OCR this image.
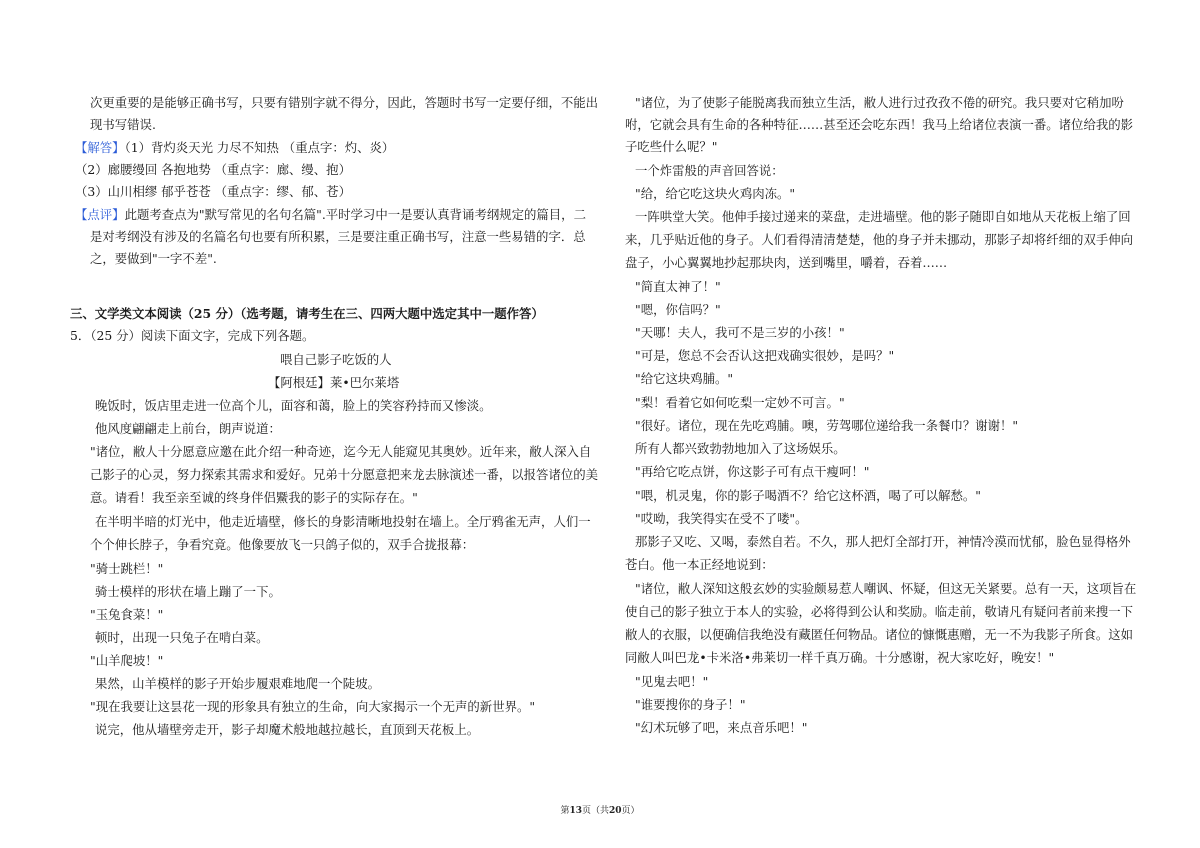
次更重要的是能够正确书写，只要有错别字就不得分，因此，答题时书写一定要仔细，不能出
现书写错误.
【解答】（1）背灼炎天光 力尽不知热 （重点字：灼、炎）
（2）廊腰缦回 各抱地势 （重点字：廊、缦、抱）
（3）山川相缪 郁乎苍苍 （重点字：缪、郁、苍）
【点评】此题考查点为"默写常见的名句名篇".平时学习中一是要认真背诵考纲规定的篇目，二
是对考纲没有涉及的名篇名句也要有所积累，三是要注重正确书写，注意一些易错的字．总
之，要做到"一字不差".
三、文学类文本阅读（25 分）（选考题，请考生在三、四两大题中选定其中一题作答）
5．（25 分）阅读下面文字，完成下列各题。
喂自己影子吃饭的人
【阿根廷】莱•巴尔莱塔
晚饭时，饭店里走进一位高个儿，面容和蔼，脸上的笑容矜持而又惨淡。
他风度翩翩走上前台，朗声说道：
"诸位，敝人十分愿意应邀在此介绍一种奇迹，迄今无人能窥见其奥妙。近年来，敝人深入自
己影子的心灵，努力探索其需求和爱好。兄弟十分愿意把来龙去脉演述一番，以报答诸位的美
意。请看！我至亲至诚的终身伴侣鱀我的影子的实际存在。"
在半明半暗的灯光中，他走近墙壁，修长的身影清晰地投射在墙上。全厅鸦雀无声，人们一
个个伸长脖子，争看究竟。他像要放飞一只鸽子似的，双手合拢报幕：
"骑士跳栏！"
骑士模样的形状在墙上蹦了一下。
"玉兔食菜！"
顿时，出现一只兔子在啃白菜。
"山羊爬坡！"
果然，山羊模样的影子开始步履艰难地爬一个陡坡。
"现在我要让这昙花一现的形象具有独立的生命，向大家揭示一个无声的新世界。"
说完，他从墙壁旁走开，影子却魔术般地越拉越长，直顶到天花板上。
"诸位，为了使影子能脱离我而独立生活，敝人进行过孜孜不倦的研究。我只要对它稍加吩
咐，它就会具有生命的各种特征……甚至还会吃东西！我马上给诸位表演一番。诸位给我的影
子吃些什么呢？"
一个炸雷般的声音回答说：
"给，给它吃这块火鸡肉冻。"
一阵哄堂大笑。他伸手接过递来的菜盘，走进墙壁。他的影子随即自如地从天花板上缩了回
来，几乎贴近他的身子。人们看得清清楚楚，他的身子并未挪动，那影子却将纤细的双手伸向
盘子，小心翼翼地抄起那块肉，送到嘴里，嚼着，吞着……
"简直太神了！"
"嗯，你信吗？"
"天哪！夫人，我可不是三岁的小孩！"
"可是，您总不会否认这把戏确实很妙，是吗？"
"给它这块鸡脯。"
"梨！看着它如何吃梨一定妙不可言。"
"很好。诸位，现在先吃鸡脯。噢，劳驾哪位递给我一条餐巾？谢谢！"
所有人都兴致勃勃地加入了这场娱乐。
"再给它吃点饼，你这影子可有点干瘦呵！"
"喂，机灵鬼，你的影子喝酒不？给它这杯酒，喝了可以解愁。"
"哎呦，我笑得实在受不了喽"。
那影子又吃、又喝，泰然自若。不久，那人把灯全部打开，神情冷漠而忧郁，脸色显得格外
苍白。他一本正经地说到：
"诸位，敝人深知这般玄妙的实验颇易惹人嘲讽、怀疑，但这无关紧要。总有一天，这项旨在
使自己的影子独立于本人的实验，必将得到公认和奖励。临走前，敬请凡有疑问者前来搜一下
敝人的衣服，以便确信我绝没有藏匿任何物品。诸位的慷慨惠赠，无一不为我影子所食。这如
同敝人叫巴龙•卡米洛•弗莱切一样千真万确。十分感谢，祝大家吃好，晚安！"
"见鬼去吧！"
"谁要搜你的身子！"
"幻术玩够了吧，来点音乐吧！"
第13页（共20页）
